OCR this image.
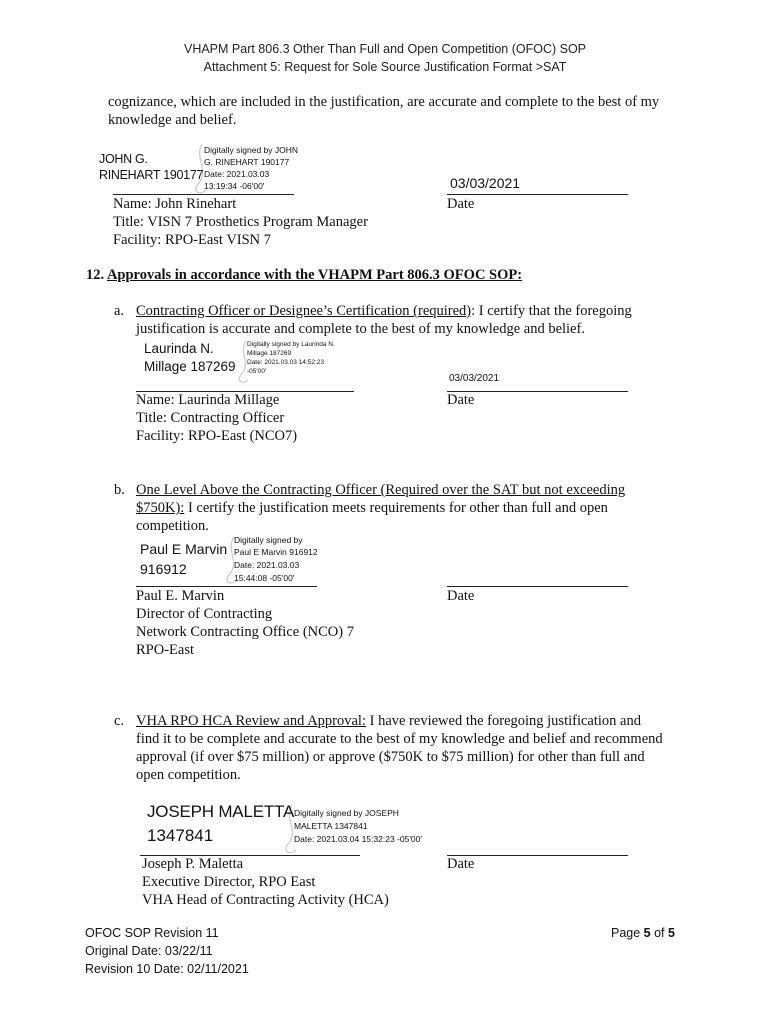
VHAPM Part 806.3 Other Than Full and Open Competition (OFOC) SOP
Attachment 5: Request for Sole Source Justification Format >SAT
cognizance, which are included in the justification, are accurate and complete to the best of my
knowledge and belief.
JOHN G.
RINEHART 190177
Digitally signed by JOHN
G. RINEHART 190177
Date: 2021.03.03
13:19:34 -06'00'	03/03/2021
Name: John Rinehart	Date
Title: VISN 7 Prosthetics Program Manager
Facility: RPO-East VISN 7
12. Approvals in accordance with the VHAPM Part 806.3 OFOC SOP:
a. Contracting Officer or Designee’s Certification (required): I certify that the foregoing
justification is accurate and complete to the best of my knowledge and belief.
Laurinda N.
Millage 187269
Digitally signed by Laurinda N.
Millage 187269
Date: 2021.03.03 14:52:23
-05'00'
03/03/2021
Name: Laurinda Millage	Date
Title: Contracting Officer
Facility: RPO-East (NCO7)
b. One Level Above the Contracting Officer (Required over the SAT but not exceeding
$750K): I certify the justification meets requirements for other than full and open
competition.
Paul E Marvin
916912
Digitally signed by
Paul E Marvin 916912
Date: 2021.03.03
15:44:08 -05'00'
Paul E. Marvin	Date
Director of Contracting
Network Contracting Office (NCO) 7
RPO-East
c. VHA RPO HCA Review and Approval: I have reviewed the foregoing justification and
find it to be complete and accurate to the best of my knowledge and belief and recommend
approval (if over $75 million) or approve ($750K to $75 million) for other than full and
open competition.
JOSEPH MALETTA
1347841
Digitally signed by JOSEPH
MALETTA 1347841
Date: 2021.03.04 15:32:23 -05'00'
Joseph P. Maletta	Date
Executive Director, RPO East
VHA Head of Contracting Activity (HCA)
OFOC SOP Revision 11
Original Date: 03/22/11
Revision 10 Date: 02/11/2021
Page 5 of 5
